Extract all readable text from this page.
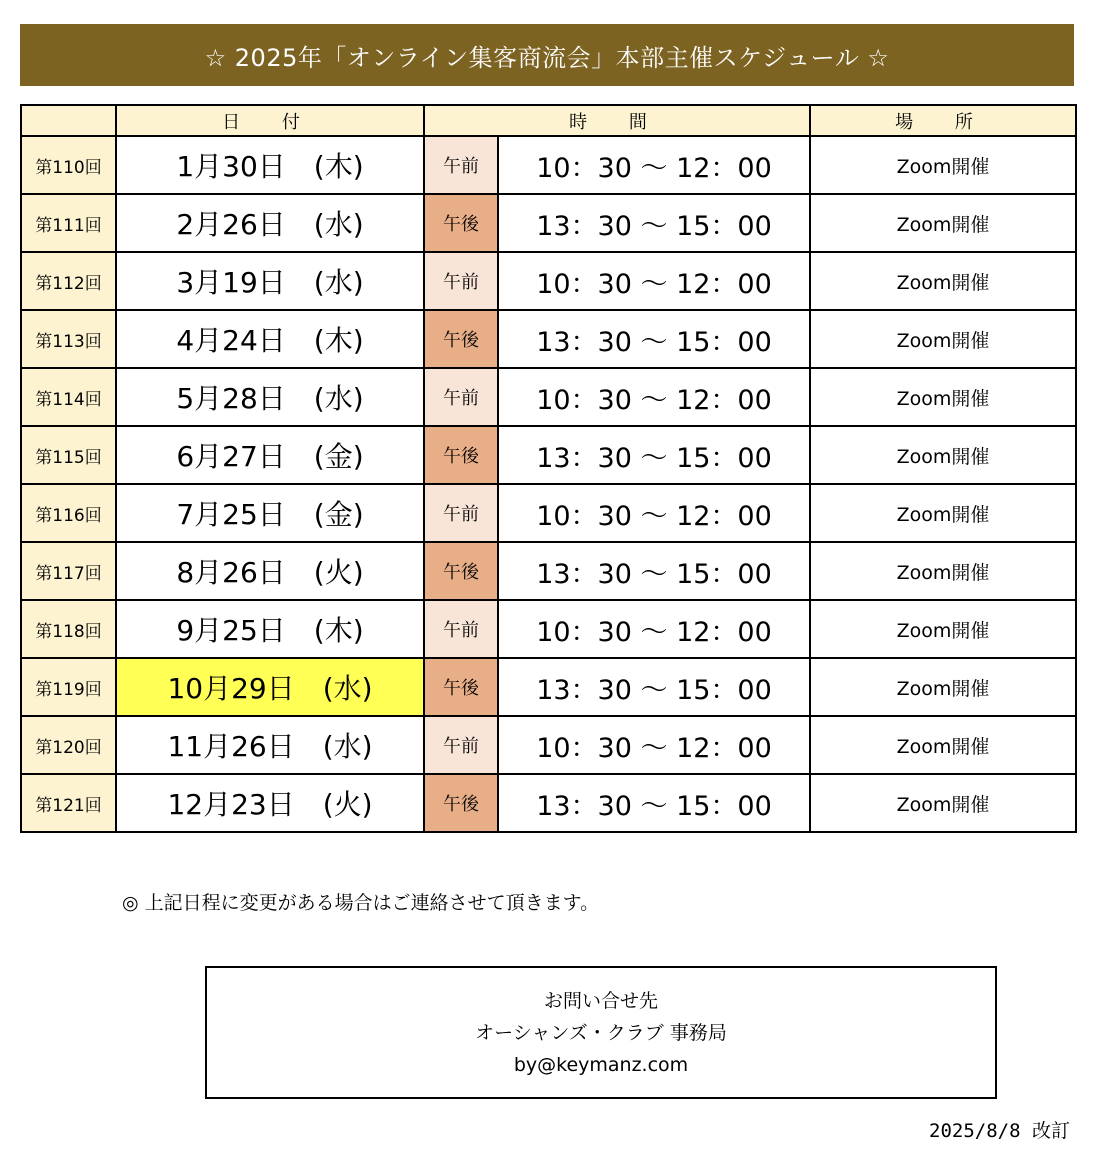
☆ 2025年「オンライン集客商流会」本部主催スケジュール ☆
	日 付	時 間		場 所
第110回	1月30日　(木)	午前	10：30 〜 12：00	Zoom開催
第111回	2月26日　(水)	午後	13：30 〜 15：00	Zoom開催
第112回	3月19日　(水)	午前	10：30 〜 12：00	Zoom開催
第113回	4月24日　(木)	午後	13：30 〜 15：00	Zoom開催
第114回	5月28日　(水)	午前	10：30 〜 12：00	Zoom開催
第115回	6月27日　(金)	午後	13：30 〜 15：00	Zoom開催
第116回	7月25日　(金)	午前	10：30 〜 12：00	Zoom開催
第117回	8月26日　(火)	午後	13：30 〜 15：00	Zoom開催
第118回	9月25日　(木)	午前	10：30 〜 12：00	Zoom開催
第119回	10月29日　(水)	午後	13：30 〜 15：00	Zoom開催
第120回	11月26日　(水)	午前	10：30 〜 12：00	Zoom開催
第121回	12月23日　(火)	午後	13：30 〜 15：00	Zoom開催
◎ 上記日程に変更がある場合はご連絡させて頂きます。
お問い合せ先
オーシャンズ・クラブ 事務局
by@keymanz.com
2025/8/8 改訂
